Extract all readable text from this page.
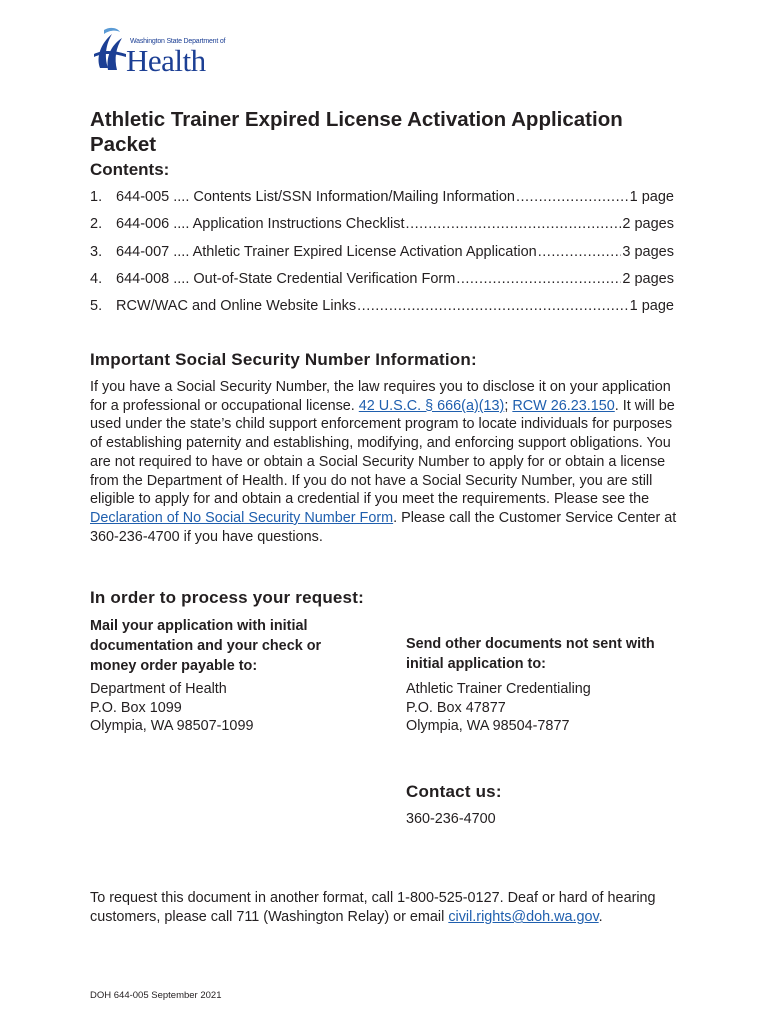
Washington State Department of
Health
Athletic Trainer Expired License Activation Application Packet
Contents:
1. 644-005 .... Contents List/SSN Information/Mailing Information .....	1 page
2. 644-006 .... Application Instructions Checklist .....	2 pages
3. 644-007 .... Athletic Trainer Expired License Activation Application .....	3 pages
4. 644-008 .... Out-of-State Credential Verification Form .....	2 pages
5. RCW/WAC and Online Website Links .....	1 page
Important Social Security Number Information:
If you have a Social Security Number, the law requires you to disclose it on your application for a professional or occupational license. 42 U.S.C. § 666(a)(13); RCW 26.23.150. It will be used under the state’s child support enforcement program to locate individuals for purposes of establishing paternity and establishing, modifying, and enforcing support obligations. You are not required to have or obtain a Social Security Number to apply for or obtain a license from the Department of Health. If you do not have a Social Security Number, you are still eligible to apply for and obtain a credential if you meet the requirements. Please see the Declaration of No Social Security Number Form. Please call the Customer Service Center at 360-236-4700 if you have questions.
In order to process your request:
Mail your application with initial documentation and your check or money order payable to:
Send other documents not sent with initial application to:
Department of Health
P.O. Box 1099
Olympia, WA 98507-1099
Athletic Trainer Credentialing
P.O. Box 47877
Olympia, WA 98504-7877
Contact us:
360-236-4700
To request this document in another format, call 1-800-525-0127. Deaf or hard of hearing customers, please call 711 (Washington Relay) or email civil.rights@doh.wa.gov.
DOH 644-005 September 2021
